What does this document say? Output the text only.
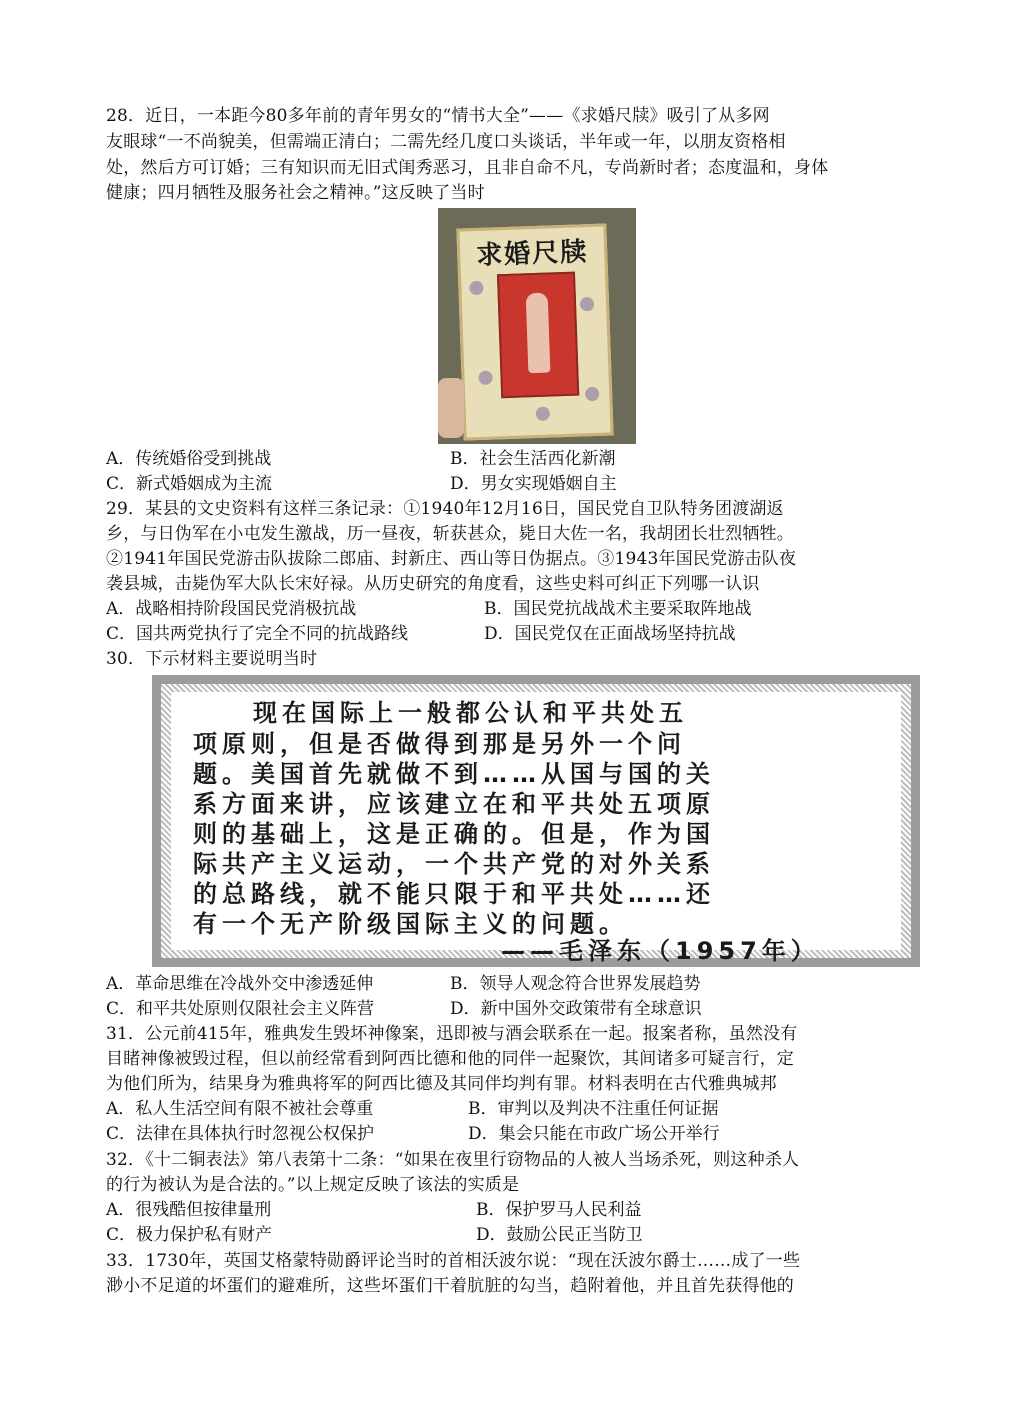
28．近日，一本距今80多年前的青年男女的“情书大全”——《求婚尺牍》吸引了从多网
友眼球“一不尚貌美，但需端正清白；二需先经几度口头谈话，半年或一年，以朋友资格相
处，然后方可订婚；三有知识而无旧式闺秀恶习，且非自命不凡，专尚新时者；态度温和，身体
健康；四月牺牲及服务社会之精神。”这反映了当时
求婚尺牍
A．传统婚俗受到挑战	B．社会生活西化新潮
C．新式婚姻成为主流	D．男女实现婚姻自主
29．某县的文史资料有这样三条记录：①1940年12月16日，国民党自卫队特务团渡湖返
乡，与日伪军在小屯发生激战，历一昼夜，斩获甚众，毙日大佐一名，我胡团长壮烈牺牲。
②1941年国民党游击队拔除二郎庙、封新庄、西山等日伪据点。③1943年国民党游击队夜
袭县城，击毙伪军大队长宋好禄。从历史研究的角度看，这些史料可纠正下列哪一认识
A．战略相持阶段国民党消极抗战	B．国民党抗战战术主要采取阵地战
C．国共两党执行了完全不同的抗战路线	D．国民党仅在正面战场坚持抗战
30．下示材料主要说明当时
现在国际上一般都公认和平共处五
项原则，但是否做得到那是另外一个问
题。美国首先就做不到……从国与国的关
系方面来讲，应该建立在和平共处五项原
则的基础上，这是正确的。但是，作为国
际共产主义运动，一个共产党的对外关系
的总路线，就不能只限于和平共处……还
有一个无产阶级国际主义的问题。
——毛泽东（1957年）
A．革命思维在冷战外交中渗透延伸	B．领导人观念符合世界发展趋势
C．和平共处原则仅限社会主义阵营	D．新中国外交政策带有全球意识
31．公元前415年，雅典发生毁坏神像案，迅即被与酒会联系在一起。报案者称，虽然没有
目睹神像被毁过程，但以前经常看到阿西比德和他的同伴一起聚饮，其间诸多可疑言行，定
为他们所为，结果身为雅典将军的阿西比德及其同伴均判有罪。材料表明在古代雅典城邦
A．私人生活空间有限不被社会尊重	B．审判以及判决不注重任何证据
C．法律在具体执行时忽视公权保护	D．集会只能在市政广场公开举行
32．《十二铜表法》第八表第十二条：“如果在夜里行窃物品的人被人当场杀死，则这种杀人
的行为被认为是合法的。”以上规定反映了该法的实质是
A．很残酷但按律量刑	B．保护罗马人民利益
C．极力保护私有财产	D．鼓励公民正当防卫
33．1730年，英国艾格蒙特勋爵评论当时的首相沃波尔说：“现在沃波尔爵士……成了一些
渺小不足道的坏蛋们的避难所，这些坏蛋们干着肮脏的勾当，趋附着他，并且首先获得他的
